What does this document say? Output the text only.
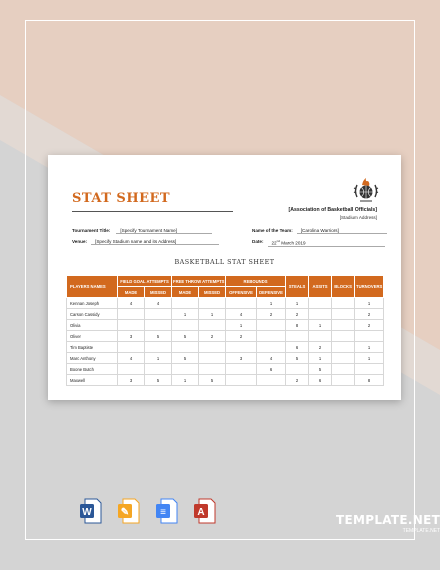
STAT SHEET
[Association of Basketball Officials]
[Stadium Address]
Tournament Title:	[Specify Tournament Name]	Name of the Team:	[Carolina Warriors]
Venue:	[Specify Stadium name and its Address]	Date:	22nd March 2019
BASKETBALL STAT SHEET
PLAYERS NAMES	FIELD GOAL ATTEMPTS		FREE THROW ATTEMPTS		REBOUNDS		STEALS	ASSITS	BLOCKS	TURNOVERS
	MADE	MISSED	MADE	MISSED	OFFENSIVE	DEFENSIVE				
Kennan Joseph	4	4				1	1			1
Carson Cassidy			1	1	4	2	2			2
Olivia					1		8	1		2
Oliver	3	5	5	2	2					
Tim Baptiste							6	2		1
Marc Anthony	4	1	5		3	4	5	1		1
Boone Butch						6		5		
Maxwell	3	5	1	5			2	6		8
W	✎	≡	A
TEMPLATE.NET
TEMPLATE.NET
